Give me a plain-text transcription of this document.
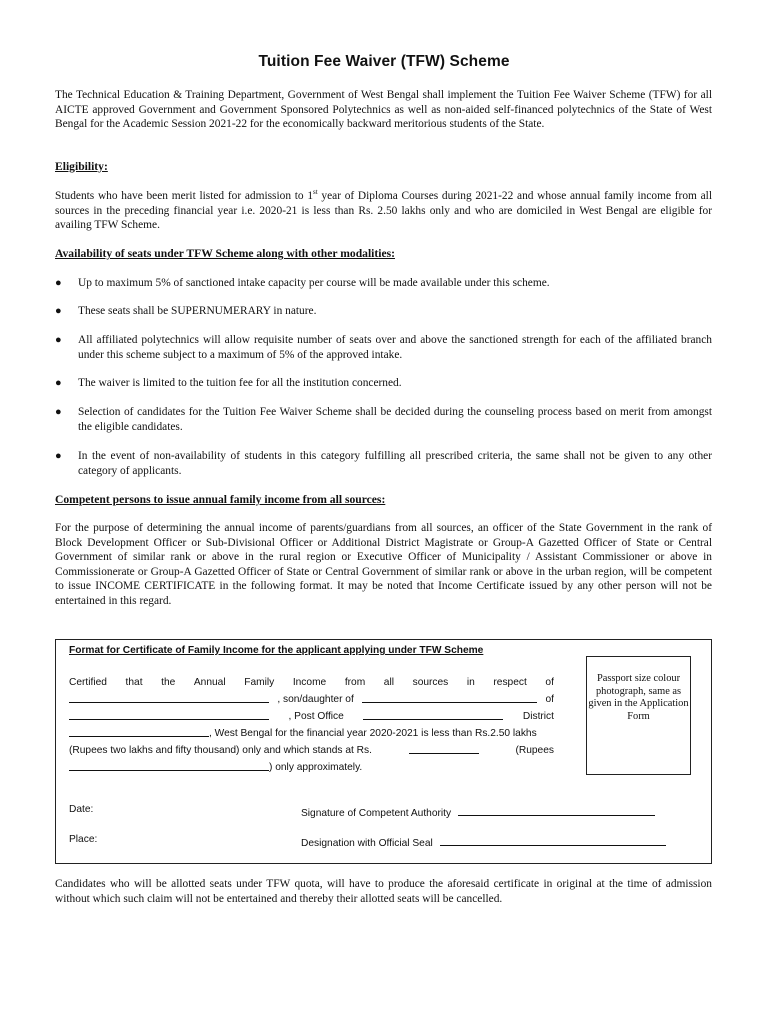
Tuition Fee Waiver (TFW) Scheme

The Technical Education & Training Department, Government of West Bengal shall implement the Tuition Fee Waiver Scheme (TFW) for all AICTE approved Government and Government Sponsored Polytechnics as well as non-aided self-financed polytechnics of the State of West Bengal for the Academic Session 2021-22 for the economically backward meritorious students of the State.

Eligibility:

Students who have been merit listed for admission to 1st year of Diploma Courses during 2021-22 and whose annual family income from all sources in the preceding financial year i.e. 2020-21 is less than Rs. 2.50 lakhs only and who are domiciled in West Bengal are eligible for availing TFW Scheme.

Availability of seats under TFW Scheme along with other modalities:

●	Up to maximum 5% of sanctioned intake capacity per course will be made available under this scheme.
●	These seats shall be SUPERNUMERARY in nature.
●	All affiliated polytechnics will allow requisite number of seats over and above the sanctioned strength for each of the affiliated branch under this scheme subject to a maximum of 5% of the approved intake.
●	The waiver is limited to the tuition fee for all the institution concerned.
●	Selection of candidates for the Tuition Fee Waiver Scheme shall be decided during the counseling process based on merit from amongst the eligible candidates.
●	In the event of non-availability of students in this category fulfilling all prescribed criteria, the same shall not be given to any other category of applicants.

Competent persons to issue annual family income from all sources:

For the purpose of determining the annual income of parents/guardians from all sources, an officer of the State Government in the rank of Block Development Officer or Sub-Divisional Officer or Additional District Magistrate or Group-A Gazetted Officer of State or Central Government of similar rank or above in the rural region or Executive Officer of Municipality / Assistant Commissioner or above in Commissionerate or Group-A Gazetted Officer of State or Central Government of similar rank or above in the urban region, will be competent to issue INCOME CERTIFICATE in the following format. It may be noted that Income Certificate issued by any other person will not be entertained in this regard.

Format for Certificate of Family Income for the applicant applying under TFW Scheme
Certified that the Annual Family Income from all sources in respect of
, son/daughter of	of
, Post Office	District
, West Bengal for the financial year 2020-2021 is less than Rs.2.50 lakhs
(Rupees two lakhs and fifty thousand) only and which stands at Rs.	(Rupees
) only approximately.
Passport size colour photograph, same as given in the Application Form
Date:	Signature of Competent Authority
Place:	Designation with Official Seal

Candidates who will be allotted seats under TFW quota, will have to produce the aforesaid certificate in original at the time of admission without which such claim will not be entertained and thereby their allotted seats will be cancelled.
